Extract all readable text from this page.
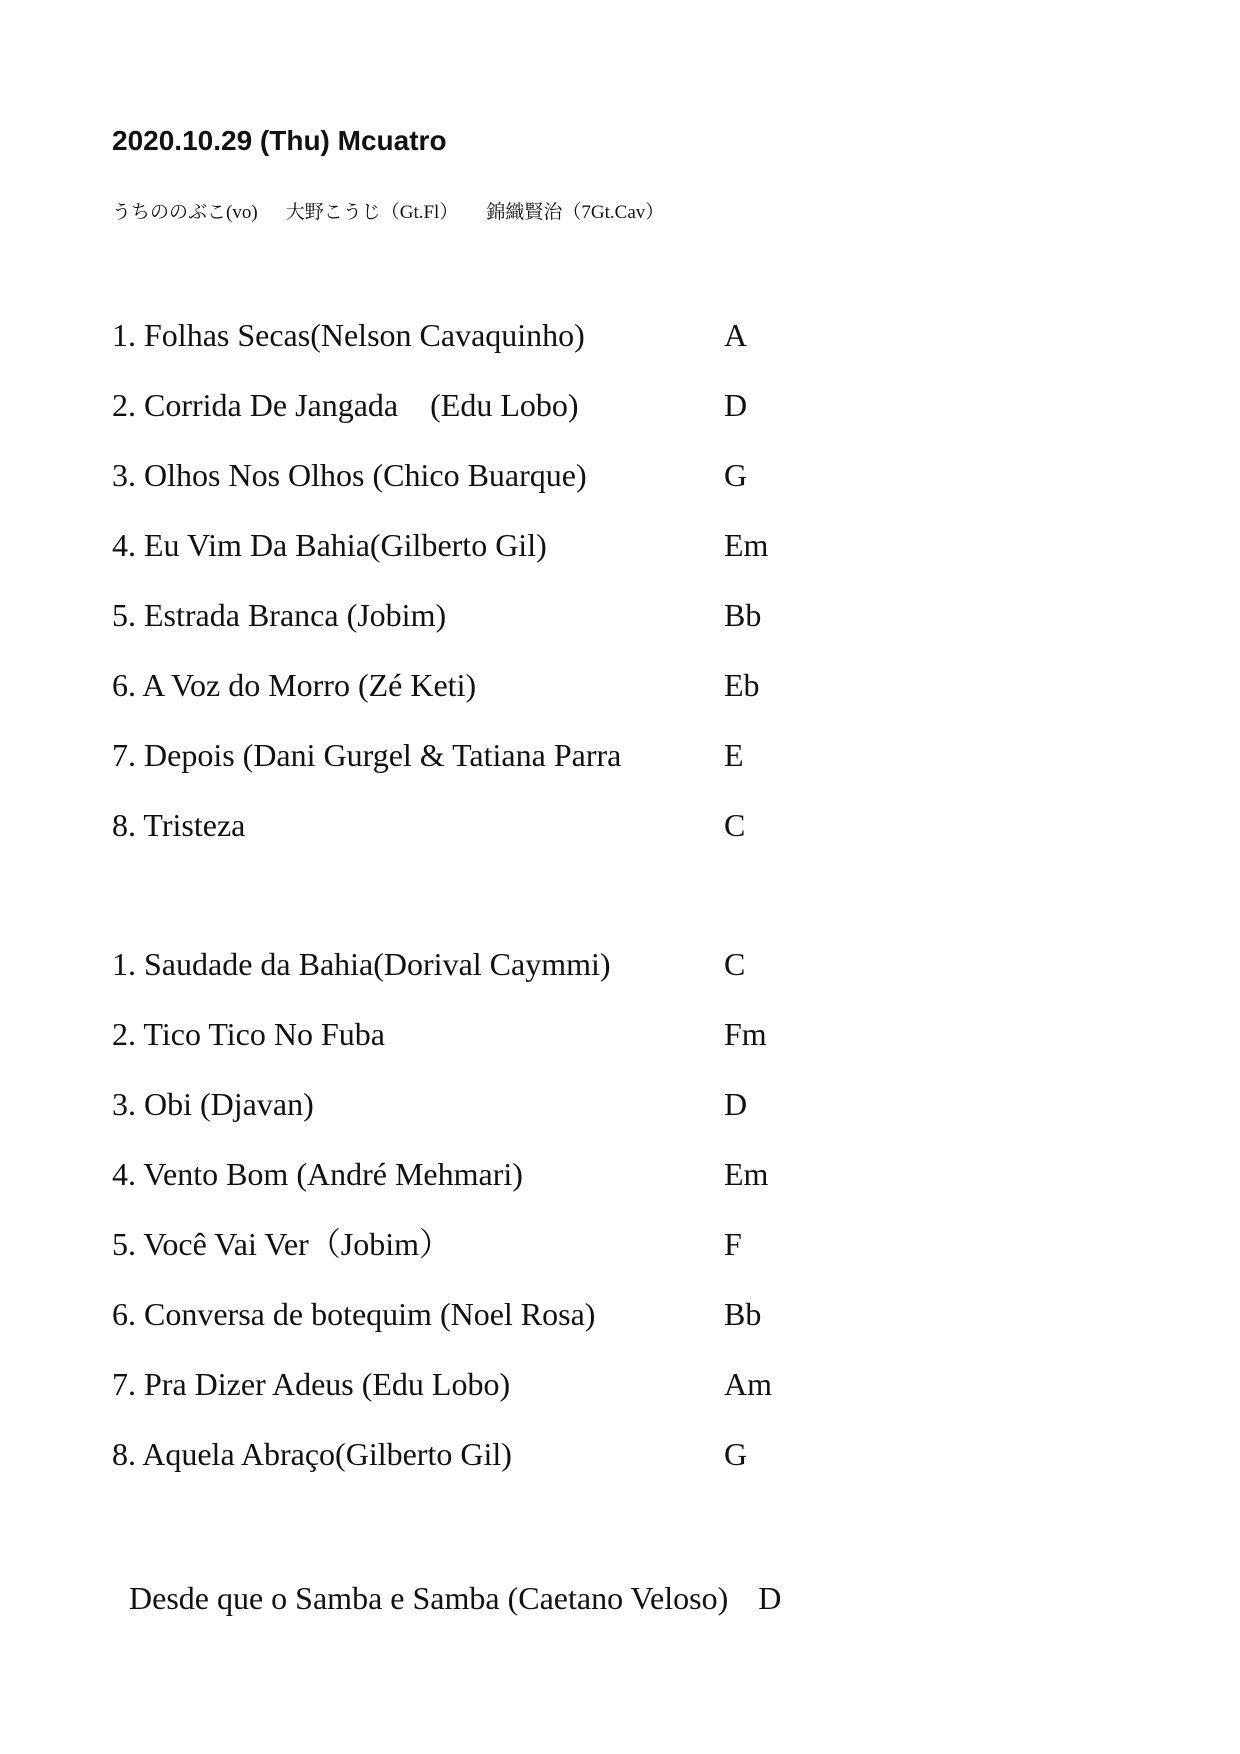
2020.10.29 (Thu) Mcuatro
うちののぶこ(vo) 大野こうじ（Gt.Fl） 錦織賢治（7Gt.Cav）
1. Folhas Secas(Nelson Cavaquinho)	A
2. Corrida De Jangada　(Edu Lobo)	D
3. Olhos Nos Olhos (Chico Buarque)	G
4. Eu Vim Da Bahia(Gilberto Gil)	Em
5. Estrada Branca (Jobim)	Bb
6. A Voz do Morro (Zé Keti)	Eb
7. Depois (Dani Gurgel & Tatiana Parra	E
8. Tristeza	C
1. Saudade da Bahia(Dorival Caymmi)	C
2. Tico Tico No Fuba	Fm
3. Obi (Djavan)	D
4. Vento Bom (André Mehmari)	Em
5. Você Vai Ver（Jobim）	F
6. Conversa de botequim (Noel Rosa)	Bb
7. Pra Dizer Adeus (Edu Lobo)	Am
8. Aquela Abraço(Gilberto Gil)	G
Desde que o Samba e Samba (Caetano Veloso) D
